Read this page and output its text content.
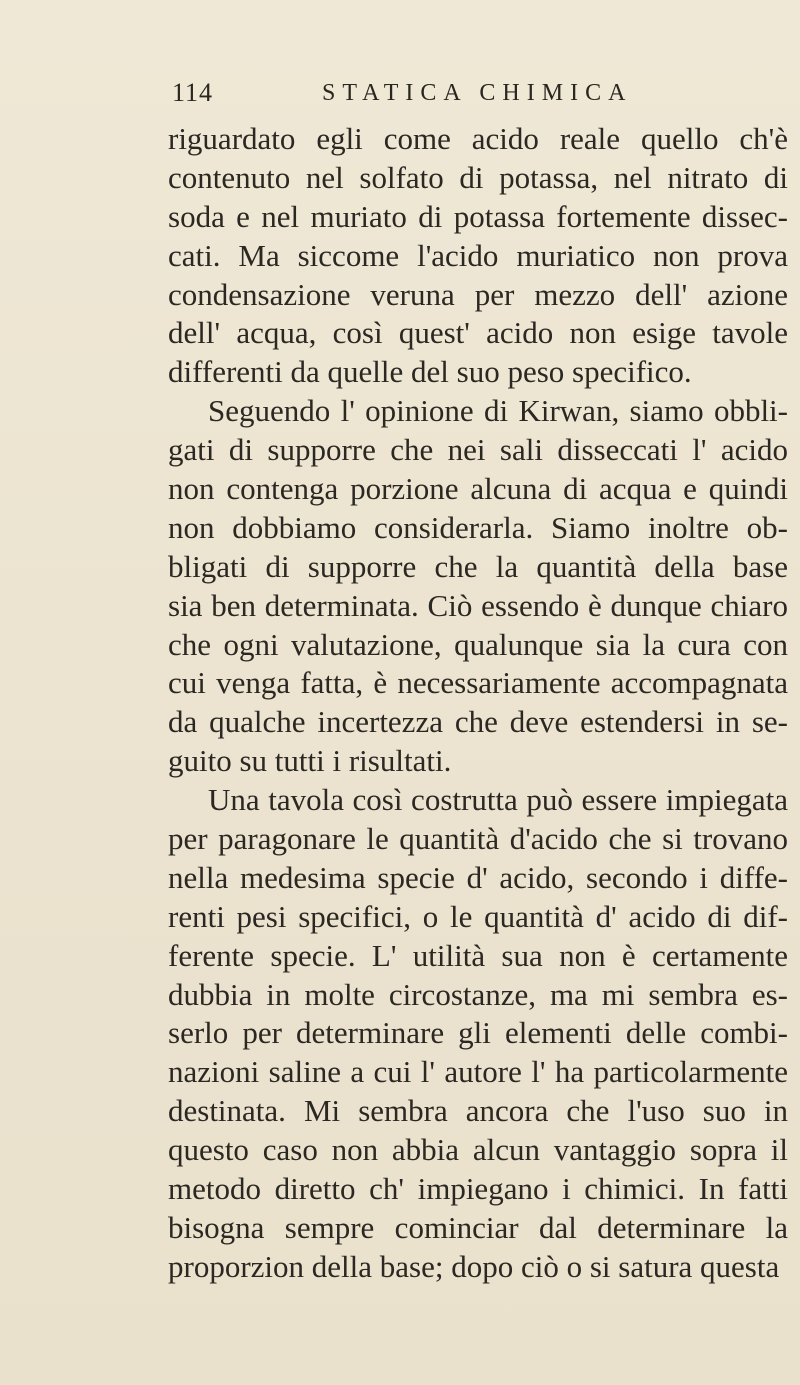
114	STATICA CHIMICA
riguardato egli come acido reale quello ch'è
contenuto nel solfato di potassa, nel nitrato di
soda e nel muriato di potassa fortemente dissec-
cati. Ma siccome l'acido muriatico non prova
condensazione veruna per mezzo dell' azione
dell' acqua, così quest' acido non esige tavole
differenti da quelle del suo peso specifico.
Seguendo l' opinione di Kirwan, siamo obbli-
gati di supporre che nei sali disseccati l' acido
non contenga porzione alcuna di acqua e quindi
non dobbiamo considerarla. Siamo inoltre ob-
bligati di supporre che la quantità della base
sia ben determinata. Ciò essendo è dunque chiaro
che ogni valutazione, qualunque sia la cura con
cui venga fatta, è necessariamente accompagnata
da qualche incertezza che deve estendersi in se-
guito su tutti i risultati.
Una tavola così costrutta può essere impiegata
per paragonare le quantità d'acido che si trovano
nella medesima specie d' acido, secondo i diffe-
renti pesi specifici, o le quantità d' acido di dif-
ferente specie. L' utilità sua non è certamente
dubbia in molte circostanze, ma mi sembra es-
serlo per determinare gli elementi delle combi-
nazioni saline a cui l' autore l' ha particolarmente
destinata. Mi sembra ancora che l'uso suo in
questo caso non abbia alcun vantaggio sopra il
metodo diretto ch' impiegano i chimici. In fatti
bisogna sempre cominciar dal determinare la
proporzion della base; dopo ciò o si satura questa
